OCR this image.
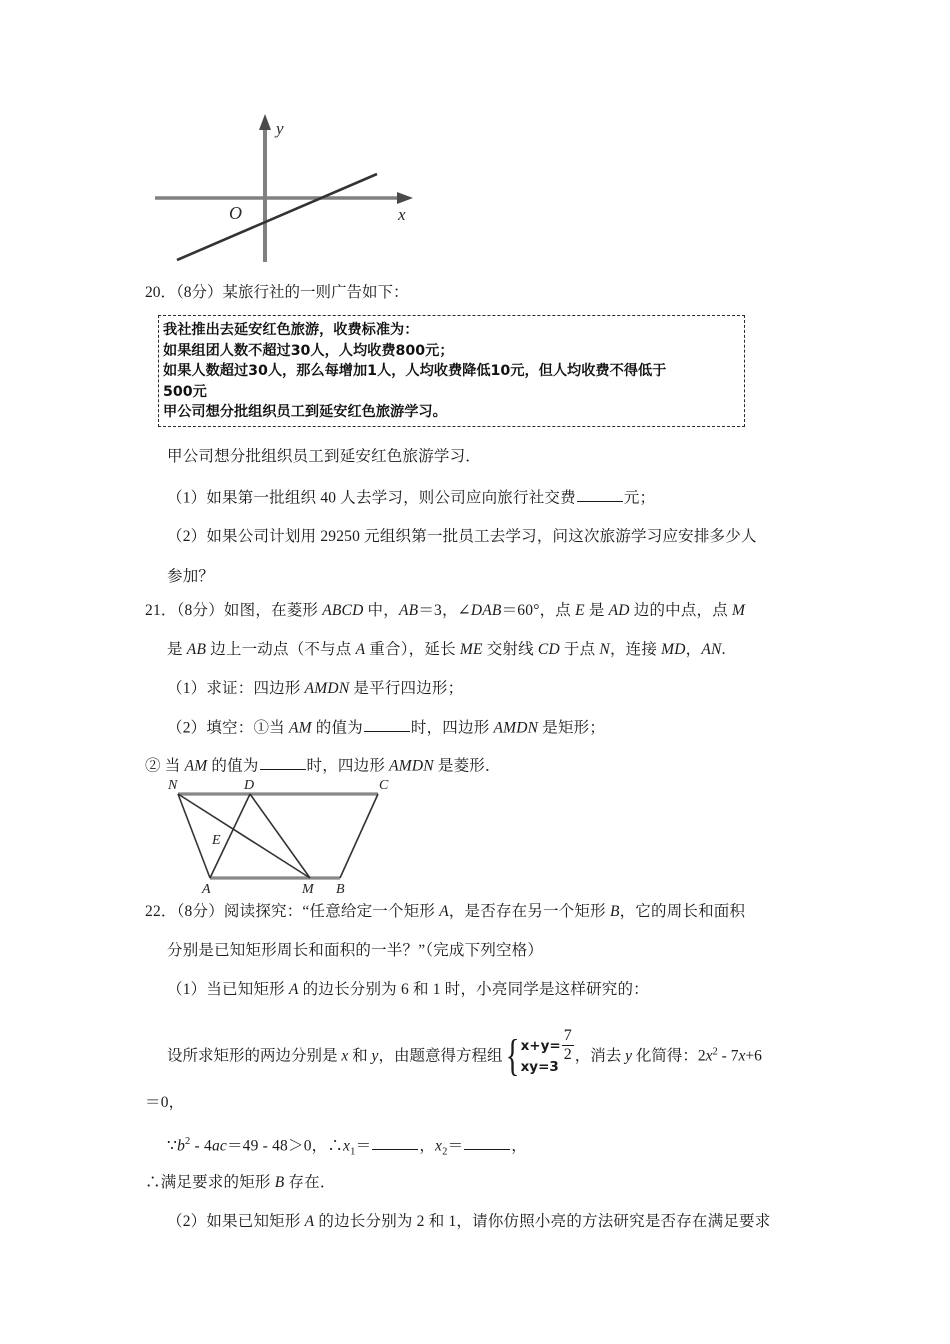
y
x
O
20．（8分）某旅行社的一则广告如下：
我社推出去延安红色旅游，收费标准为：
如果组团人数不超过30人，人均收费800元；
如果人数超过30人，那么每增加1人，人均收费降低10元，但人均收费不得低于
500元
甲公司想分批组织员工到延安红色旅游学习。
甲公司想分批组织员工到延安红色旅游学习．
（1）如果第一批组织 40 人去学习，则公司应向旅行社交费	元；
（2）如果公司计划用 29250 元组织第一批员工去学习，问这次旅游学习应安排多少人
参加？
21．（8分）如图，在菱形 ABCD 中，AB＝3，∠DAB＝60°，点 E 是 AD 边的中点，点 M
是 AB 边上一动点（不与点 A 重合），延长 ME 交射线 CD 于点 N，连接 MD，AN.
（1）求证：四边形 AMDN 是平行四边形；
（2）填空：①当 AM 的值为	时，四边形 AMDN 是矩形；
② 当 AM 的值为	时，四边形 AMDN 是菱形．
N	D	C
E
A	M B
22．（8分）阅读探究：“任意给定一个矩形 A，是否存在另一个矩形 B，它的周长和面积
分别是已知矩形周长和面积的一半？”（完成下列空格）
（1）当已知矩形 A 的边长分别为 6 和 1 时，小亮同学是这样研究的：
设所求矩形的两边分别是 x 和 y，由题意得方程组 { $x+y= \frac{7}{2}$
xy=3
，消去 y 化简得：$2x^2 - 7x+6$
＝0，
$\because b^2 - 4ac=49 - 48>0$，$\therefore x_1=$	，$x_2=$	，
∴满足要求的矩形 B 存在．
（2）如果已知矩形 A 的边长分别为 2 和 1，请你仿照小亮的方法研究是否存在满足要求
